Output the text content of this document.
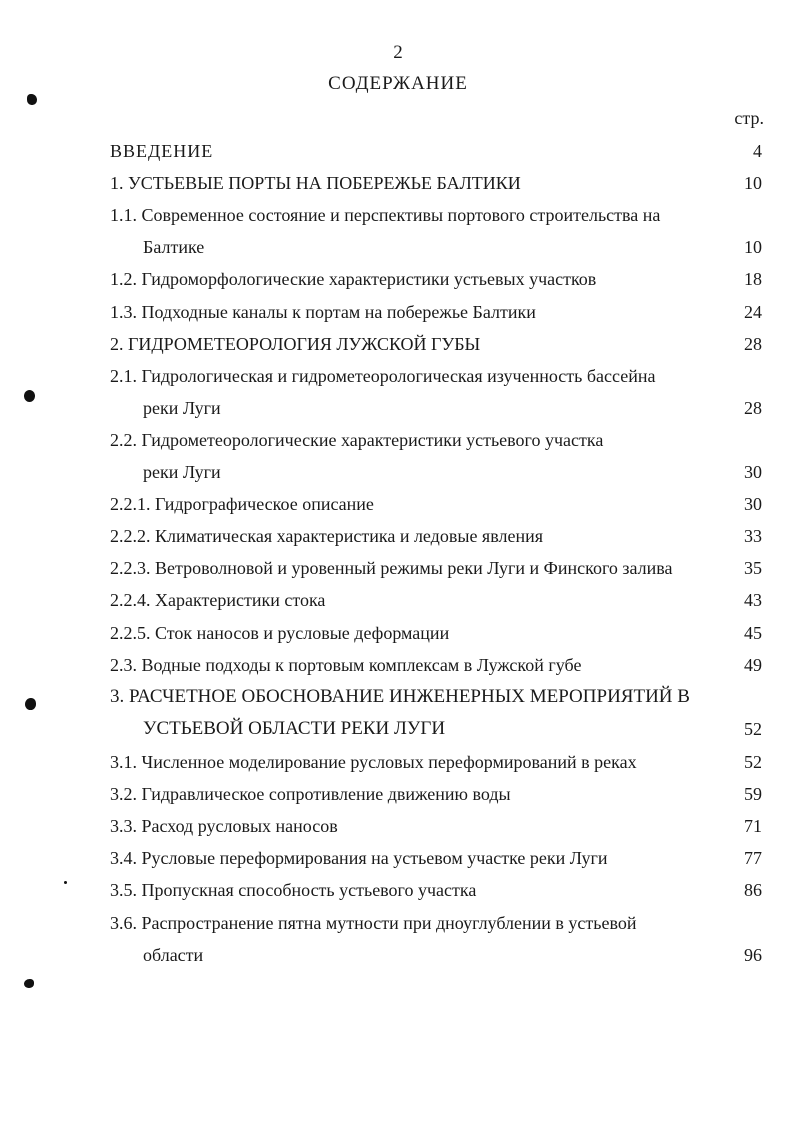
2
СОДЕРЖАНИЕ
стр.
ВВЕДЕНИЕ	4
1. УСТЬЕВЫЕ ПОРТЫ НА ПОБЕРЕЖЬЕ БАЛТИКИ	10
1.1. Современное состояние и перспективы портового строительства на
Балтике	10
1.2. Гидроморфологические характеристики устьевых участков	18
1.3. Подходные каналы к портам на побережье Балтики	24
2. ГИДРОМЕТЕОРОЛОГИЯ ЛУЖСКОЙ ГУБЫ	28
2.1. Гидрологическая и гидрометеорологическая изученность бассейна
реки Луги	28
2.2. Гидрометеорологические характеристики устьевого участка
реки Луги	30
2.2.1. Гидрографическое описание	30
2.2.2. Климатическая характеристика и ледовые явления	33
2.2.3. Ветроволновой и уровенный режимы реки Луги и Финского залива	35
2.2.4. Характеристики стока	43
2.2.5. Сток наносов и русловые деформации	45
2.3. Водные подходы к портовым комплексам в Лужской губе	49
3. РАСЧЕТНОЕ ОБОСНОВАНИЕ ИНЖЕНЕРНЫХ МЕРОПРИЯТИЙ В
УСТЬЕВОЙ ОБЛАСТИ РЕКИ ЛУГИ	52
3.1. Численное моделирование русловых переформирований в реках	52
3.2. Гидравлическое сопротивление движению воды	59
3.3. Расход русловых наносов	71
3.4. Русловые переформирования на устьевом участке реки Луги	77
3.5. Пропускная способность устьевого участка	86
3.6. Распространение пятна мутности при дноуглублении в устьевой
области	96
